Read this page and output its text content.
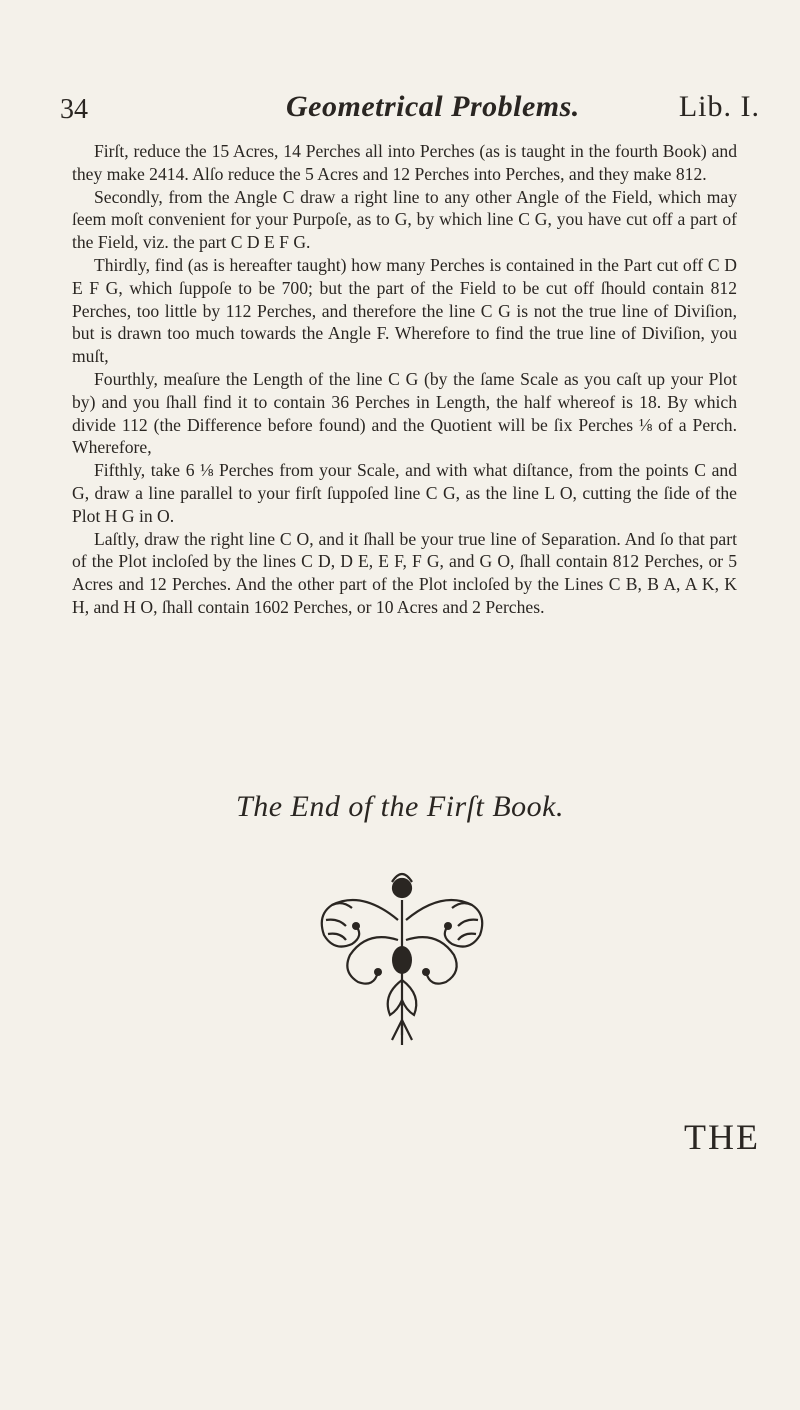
34	Geometrical Problems.	Lib. I.

Firſt, reduce the 15 Acres, 14 Perches all into Perches (as is taught in the fourth Book) and they make 2414. Alſo reduce the 5 Acres and 12 Perches into Perches, and they make 812.

Secondly, from the Angle C draw a right line to any other Angle of the Field, which may ſeem moſt convenient for your Purpoſe, as to G, by which line C G, you have cut off a part of the Field, viz. the part C D E F G.

Thirdly, find (as is hereafter taught) how many Perches is contained in the Part cut off C D E F G, which ſuppoſe to be 700; but the part of the Field to be cut off ſhould contain 812 Perches, too little by 112 Perches, and therefore the line C G is not the true line of Diviſion, but is drawn too much towards the Angle F. Wherefore to find the true line of Diviſion, you muſt,

Fourthly, meaſure the Length of the line C G (by the ſame Scale as you caſt up your Plot by) and you ſhall find it to contain 36 Perches in Length, the half whereof is 18. By which divide 112 (the Difference before found) and the Quotient will be ſix Perches ⅛ of a Perch. Wherefore,

Fifthly, take 6 ⅛ Perches from your Scale, and with what diſtance, from the points C and G, draw a line parallel to your firſt ſuppoſed line C G, as the line L O, cutting the ſide of the Plot H G in O.

Laſtly, draw the right line C O, and it ſhall be your true line of Separation. And ſo that part of the Plot incloſed by the lines C D, D E, E F, F G, and G O, ſhall contain 812 Perches, or 5 Acres and 12 Perches. And the other part of the Plot incloſed by the Lines C B, B A, A K, K H, and H O, ſhall contain 1602 Perches, or 10 Acres and 2 Perches.

The End of the Firſt Book.
THE
